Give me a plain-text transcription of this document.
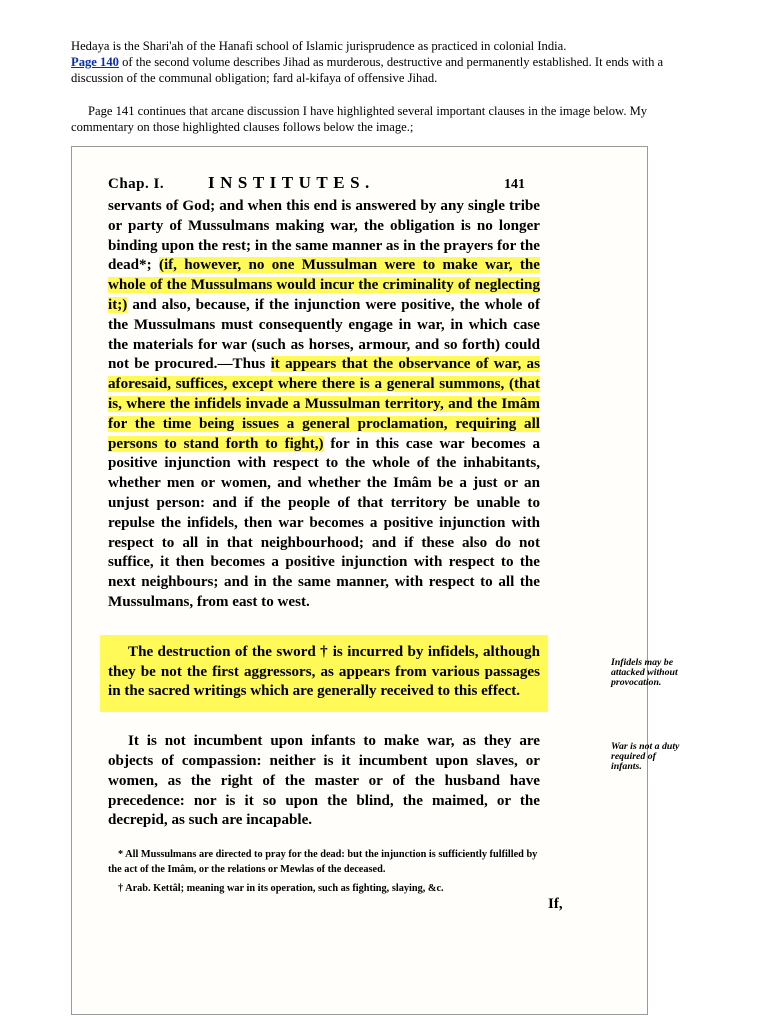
Hedaya is the Shari'ah of the Hanafi school of Islamic jurisprudence as practiced in colonial India.
Page 140 of the second volume describes Jihad as murderous, destructive and permanently established. It ends with a discussion of the communal obligation; fard al-kifaya of offensive Jihad.

Page 141 continues that arcane discussion I have highlighted several important clauses in the image below. My commentary on those highlighted clauses follows below the image.;

Chap. I.	INSTITUTES.	141

servants of God; and when this end is answered by any single tribe or party of Mussulmans making war, the obligation is no longer binding upon the rest; in the same manner as in the prayers for the dead*; (if, however, no one Mussulman were to make war, the whole of the Mussulmans would incur the criminality of neglecting it;) and also, because, if the injunction were positive, the whole of the Mussulmans must consequently engage in war, in which case the materials for war (such as horses, armour, and so forth) could not be procured.—Thus it appears that the observance of war, as aforesaid, suffices, except where there is a general summons, (that is, where the infidels invade a Mussulman territory, and the Imâm for the time being issues a general proclamation, requiring all persons to stand forth to fight,) for in this case war becomes a positive injunction with respect to the whole of the inhabitants, whether men or women, and whether the Imâm be a just or an unjust person: and if the people of that territory be unable to repulse the infidels, then war becomes a positive injunction with respect to all in that neighbourhood; and if these also do not suffice, it then becomes a positive injunction with respect to the next neighbours; and in the same manner, with respect to all the Mussulmans, from east to west.

The destruction of the sword † is incurred by infidels, although they be not the first aggressors, as appears from various passages in the sacred writings which are generally received to this effect.

It is not incumbent upon infants to make war, as they are objects of compassion: neither is it incumbent upon slaves, or women, as the right of the master or of the husband have precedence: nor is it so upon the blind, the maimed, or the decrepid, as such are incapable.

Infidels may be attacked without provocation.
War is not a duty required of infants.

* All Mussulmans are directed to pray for the dead: but the injunction is sufficiently fulfilled by the act of the Imâm, or the relations or Mewlas of the deceased.

† Arab. Kettâl; meaning war in its operation, such as fighting, slaying, &c.

If,
